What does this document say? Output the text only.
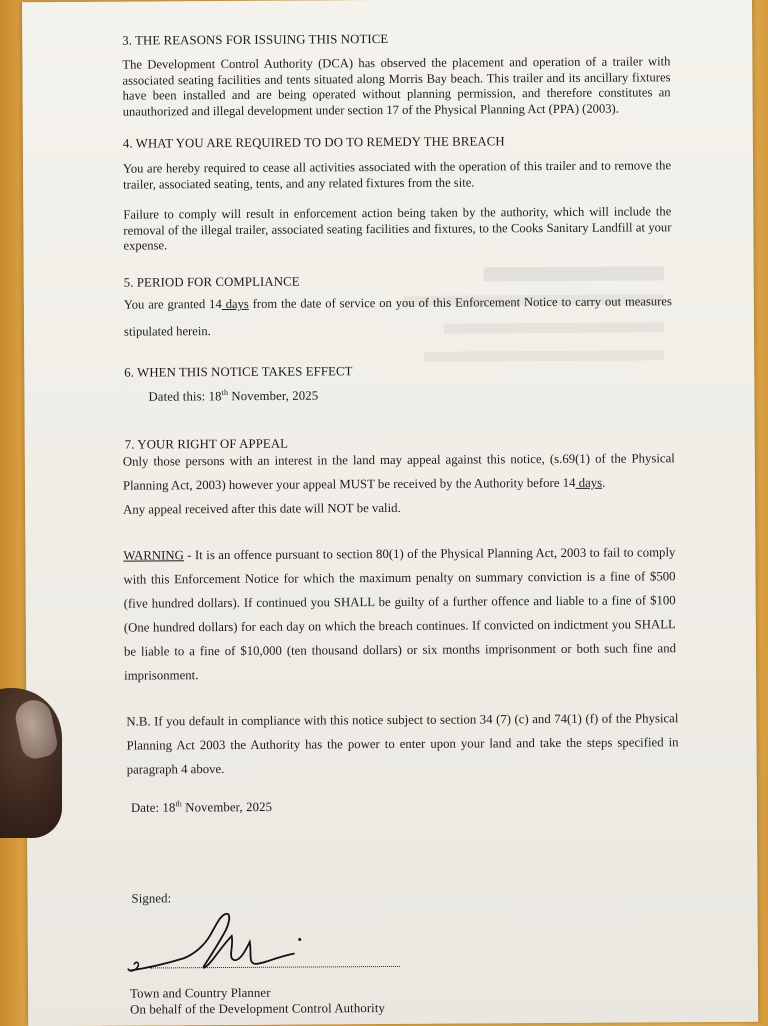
3. THE REASONS FOR ISSUING THIS NOTICE
The Development Control Authority (DCA) has observed the placement and operation of a trailer with associated seating facilities and tents situated along Morris Bay beach. This trailer and its ancillary fixtures have been installed and are being operated without planning permission, and therefore constitutes an unauthorized and illegal development under section 17 of the Physical Planning Act (PPA) (2003).
4. WHAT YOU ARE REQUIRED TO DO TO REMEDY THE BREACH
You are hereby required to cease all activities associated with the operation of this trailer and to remove the trailer, associated seating, tents, and any related fixtures from the site.
Failure to comply will result in enforcement action being taken by the authority, which will include the removal of the illegal trailer, associated seating facilities and fixtures, to the Cooks Sanitary Landfill at your expense.
5. PERIOD FOR COMPLIANCE
You are granted 14 days from the date of service on you of this Enforcement Notice to carry out measures stipulated herein.
6. WHEN THIS NOTICE TAKES EFFECT
Dated this: 18th November, 2025
7. YOUR RIGHT OF APPEAL
Only those persons with an interest in the land may appeal against this notice, (s.69(1) of the Physical Planning Act, 2003) however your appeal MUST be received by the Authority before 14 days.
Any appeal received after this date will NOT be valid.
WARNING - It is an offence pursuant to section 80(1) of the Physical Planning Act, 2003 to fail to comply with this Enforcement Notice for which the maximum penalty on summary conviction is a fine of $500 (five hundred dollars). If continued you SHALL be guilty of a further offence and liable to a fine of $100 (One hundred dollars) for each day on which the breach continues. If convicted on indictment you SHALL be liable to a fine of $10,000 (ten thousand dollars) or six months imprisonment or both such fine and imprisonment.
N.B. If you default in compliance with this notice subject to section 34 (7) (c) and 74(1) (f) of the Physical Planning Act 2003 the Authority has the power to enter upon your land and take the steps specified in paragraph 4 above.
Date: 18th November, 2025
Signed:
Town and Country Planner
On behalf of the Development Control Authority
